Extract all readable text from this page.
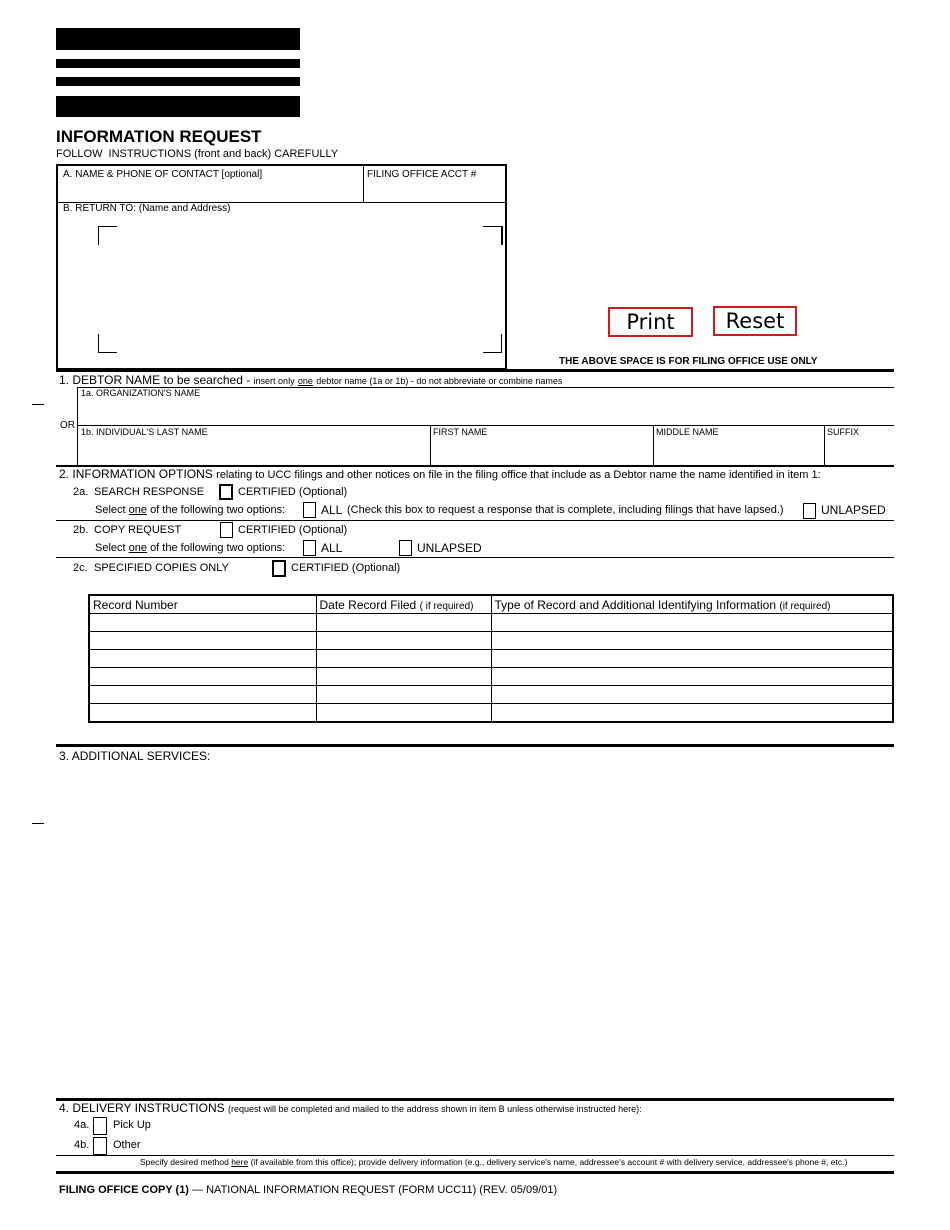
INFORMATION REQUEST
FOLLOW  INSTRUCTIONS (front and back) CAREFULLY
A. NAME & PHONE OF CONTACT [optional]	FILING OFFICE ACCT #
B. RETURN TO: (Name and Address)
Print	Reset
THE ABOVE SPACE IS FOR FILING OFFICE USE ONLY
1. DEBTOR NAME to be searched - insert only one debtor name (1a or 1b) - do not abbreviate or combine names
1a. ORGANIZATION'S NAME
OR
1b. INDIVIDUAL'S LAST NAME	FIRST NAME	MIDDLE NAME	SUFFIX
2. INFORMATION OPTIONS relating to UCC filings and other notices on file in the filing office that include as a Debtor name the name identified in item 1:
2a. SEARCH RESPONSE	CERTIFIED (Optional)
Select one of the following two options:	ALL (Check this box to request a response that is complete, including filings that have lapsed.)	UNLAPSED
2b. COPY REQUEST	CERTIFIED (Optional)
Select one of the following two options:	ALL	UNLAPSED
2c. SPECIFIED COPIES ONLY	CERTIFIED (Optional)
Record Number	Date Record Filed ( if required)	Type of Record and Additional Identifying Information (if required)

3. ADDITIONAL SERVICES:
4. DELIVERY INSTRUCTIONS (request will be completed and mailed to the address shown in item B unless otherwise instructed here):
4a. Pick Up
4b. Other
Specify desired method here (if available from this office); provide delivery information (e.g., delivery service's name, addressee's account # with delivery service, addressee's phone #, etc.)
FILING OFFICE COPY (1) — NATIONAL INFORMATION REQUEST (FORM UCC11) (REV. 05/09/01)
